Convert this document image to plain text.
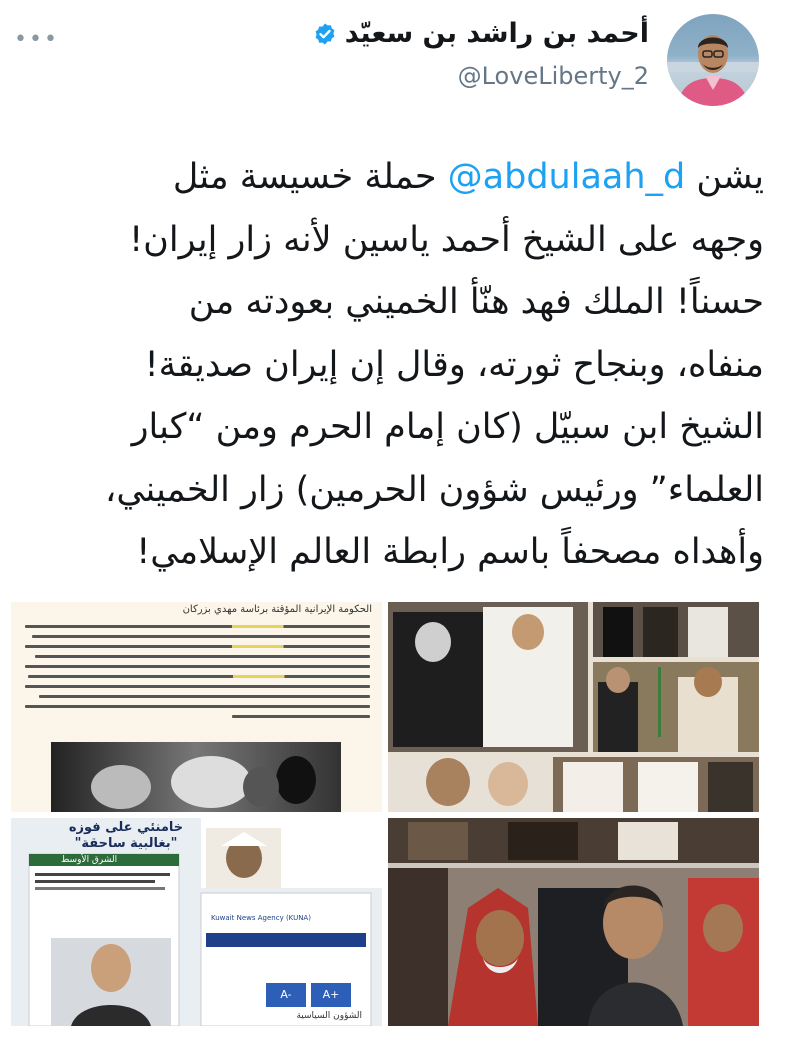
•••	أحمد بن راشد بن سعيّد
@LoveLiberty_2
يشن @abdulaah_d حملة خسيسة مثل
وجهه على الشيخ أحمد ياسين لأنه زار إيران!
حسناً! الملك فهد هنّأ الخميني بعودته من
منفاه، وبنجاح ثورته، وقال إن إيران صديقة!
الشيخ ابن سبيّل (كان إمام الحرم ومن “كبار
العلماء” ورئيس شؤون الحرمين) زار الخميني،
وأهداه مصحفاً باسم رابطة العالم الإسلامي!
الحكومة الإيرانية المؤقتة برئاسة مهدي بزركان
خامنئي على فوزه "بغالبية ساحقة"
الشرق الأوسط
Kuwait News Agency (KUNA)
A-	A+
الشؤون السياسية
